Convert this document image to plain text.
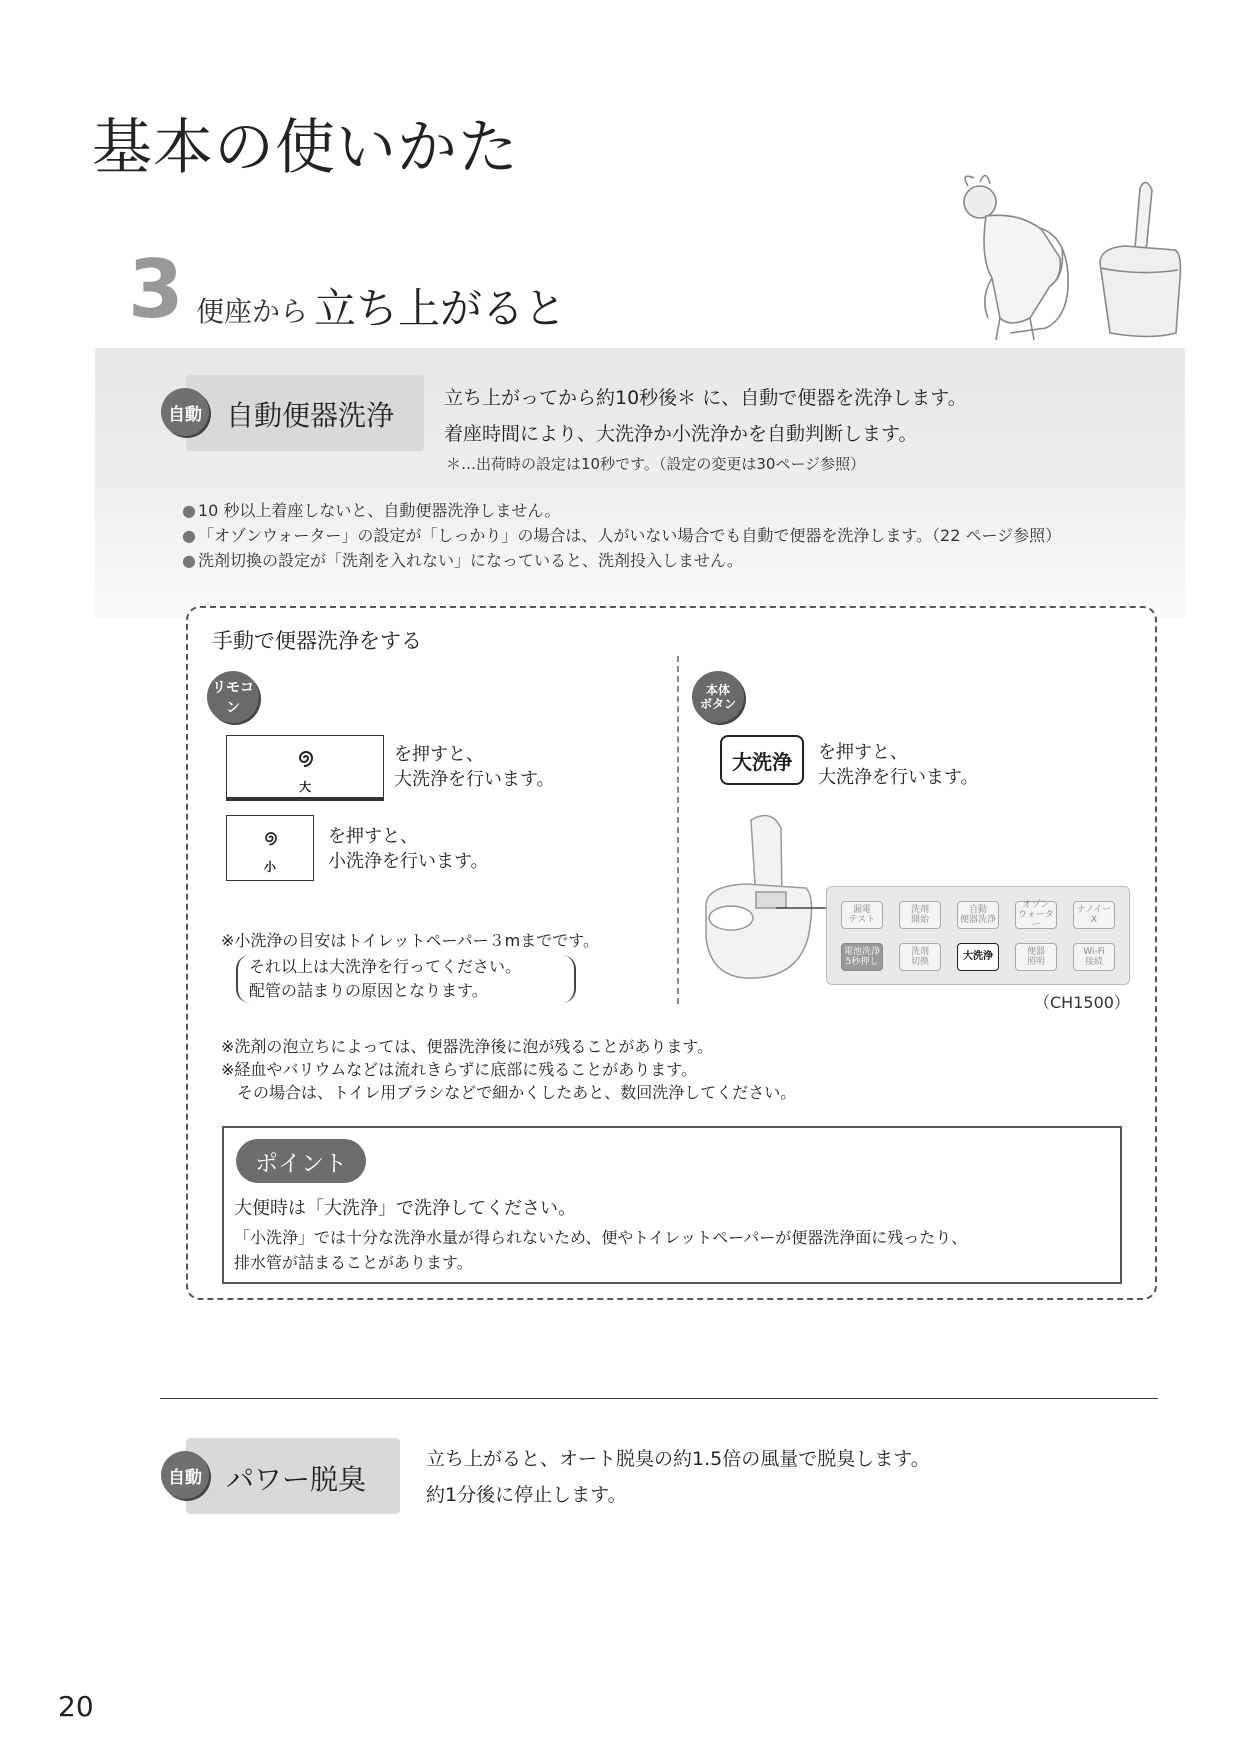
基本の使いかた
3 便座から 立ち上がると
自動 自動便器洗浄
立ち上がってから約10秒後＊ に、自動で便器を洗浄します。
着座時間により、大洗浄か小洗浄かを自動判断します。
＊…出荷時の設定は10秒です。（設定の変更は30ページ参照）
● 10 秒以上着座しないと、自動便器洗浄しません。
● 「オゾンウォーター」の設定が「しっかり」の場合は、人がいない場合でも自動で便器を洗浄します。（22 ページ参照）
● 洗剤切換の設定が「洗剤を入れない」になっていると、洗剤投入しません。
手動で便器洗浄をする
リモコン
本体
ボタン
大
を押すと、
大洗浄を行います。
小
を押すと、
小洗浄を行います。
※小洗浄の目安はトイレットペーパー３mまでです。
それ以上は大洗浄を行ってください。
配管の詰まりの原因となります。
大洗浄	を押すと、
大洗浄を行います。
漏電
テスト
洗剤
開始
自動
便器洗浄
オゾン
ウォーター
ナノイーX
電池洗浄
5秒押し
洗剤
切換	大洗浄	便器
照明
Wi-Fi
接続
（CH1500）
※洗剤の泡立ちによっては、便器洗浄後に泡が残ることがあります。
※経血やバリウムなどは流れきらずに底部に残ることがあります。
　その場合は、トイレ用ブラシなどで細かくしたあと、数回洗浄してください。
ポイント
大便時は「大洗浄」で洗浄してください。
「小洗浄」では十分な洗浄水量が得られないため、便やトイレットペーパーが便器洗浄面に残ったり、
排水管が詰まることがあります。
自動 パワー脱臭
立ち上がると、オート脱臭の約1.5倍の風量で脱臭します。
約1分後に停止します。
20
